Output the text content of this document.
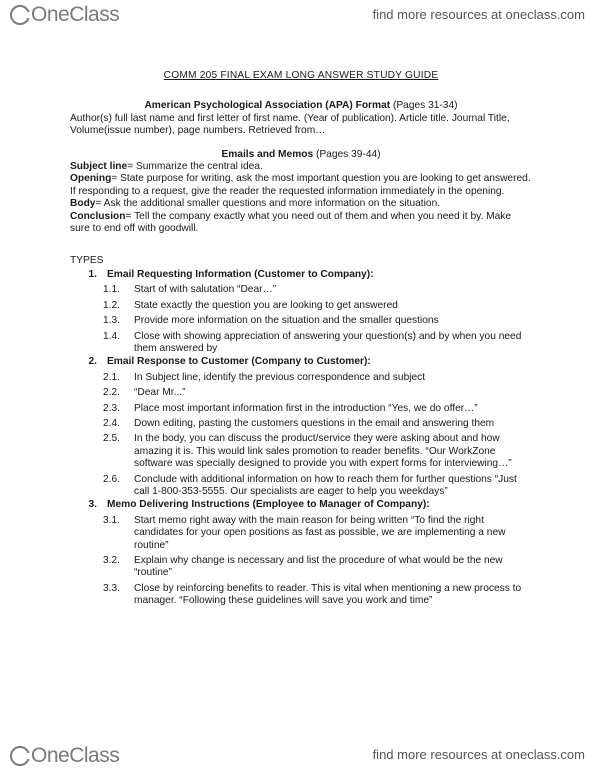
OneClass	find more resources at oneclass.com
COMM 205 FINAL EXAM LONG ANSWER STUDY GUIDE
American Psychological Association (APA) Format (Pages 31-34)

Author(s) full last name and first letter of first name. (Year of publication). Article title. Journal Title, Volume(issue number), page numbers. Retrieved from…

Emails and Memos (Pages 39-44)

Subject line= Summarize the central idea.

Opening= State purpose for writing, ask the most important question you are looking to get answered. If responding to a request, give the reader the requested information immediately in the opening.

Body= Ask the additional smaller questions and more information on the situation.

Conclusion= Tell the company exactly what you need out of them and when you need it by. Make sure to end off with goodwill.

TYPES
1. Email Requesting Information (Customer to Company):
1.1.	Start of with salutation “Dear…”
1.2.	State exactly the question you are looking to get answered
1.3.	Provide more information on the situation and the smaller questions
1.4.	Close with showing appreciation of answering your question(s) and by when you need them answered by
2. Email Response to Customer (Company to Customer):
2.1.	In Subject line, identify the previous correspondence and subject
2.2.	“Dear Mr...”
2.3.	Place most important information first in the introduction “Yes, we do offer…”
2.4.	Down editing, pasting the customers questions in the email and answering them
2.5.	In the body, you can discuss the product/service they were asking about and how amazing it is. This would link sales promotion to reader benefits. “Our WorkZone software was specially designed to provide you with expert forms for interviewing…”
2.6.	Conclude with additional information on how to reach them for further questions “Just call 1-800-353-5555. Our specialists are eager to help you weekdays”
3. Memo Delivering Instructions (Employee to Manager of Company):
3.1.	Start memo right away with the main reason for being written “To find the right candidates for your open positions as fast as possible, we are implementing a new routine”
3.2.	Explain why change is necessary and list the procedure of what would be the new “routine”
3.3.	Close by reinforcing benefits to reader. This is vital when mentioning a new process to manager. “Following these guidelines will save you work and time”
OneClass	find more resources at oneclass.com
